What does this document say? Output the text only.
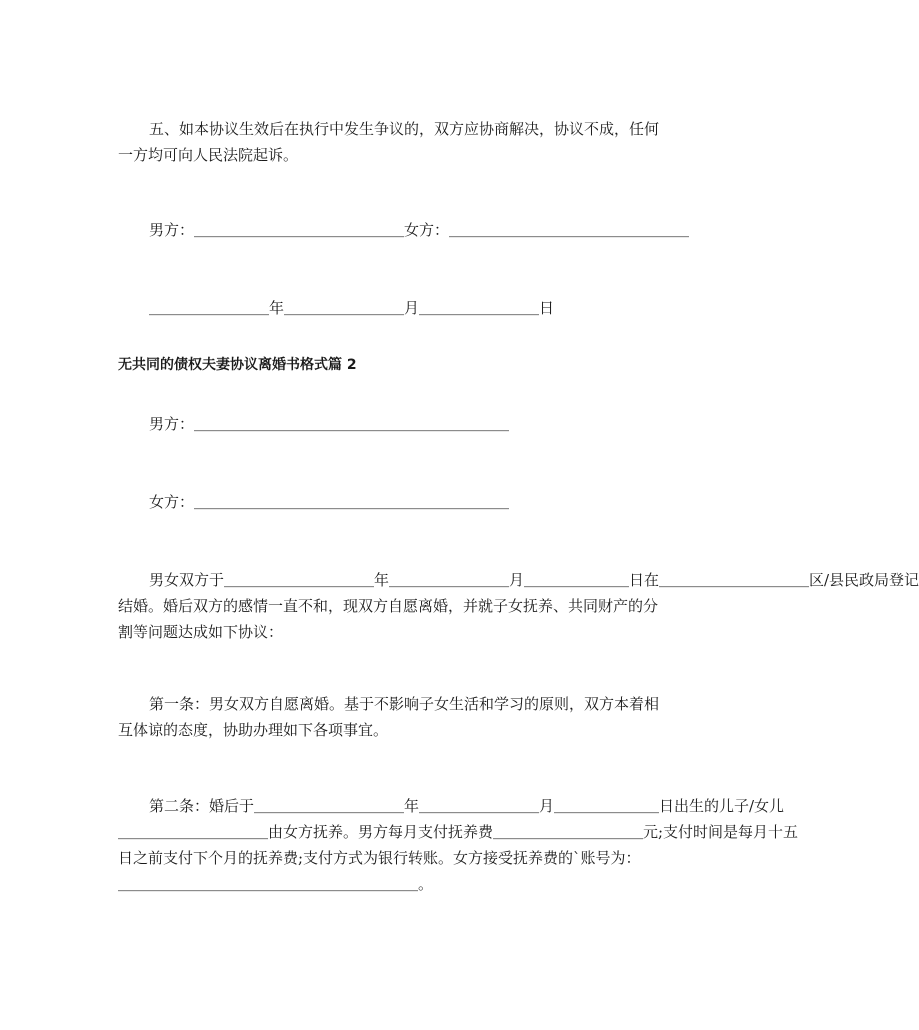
五、如本协议生效后在执行中发生争议的，双方应协商解决，协议不成，任何
一方均可向人民法院起诉。
男方：＿＿＿＿＿＿＿＿＿＿＿＿＿＿女方：＿＿＿＿＿＿＿＿＿＿＿＿＿＿＿＿
＿＿＿＿＿＿＿＿年＿＿＿＿＿＿＿＿月＿＿＿＿＿＿＿＿日
无共同的债权夫妻协议离婚书格式篇 2
男方：＿＿＿＿＿＿＿＿＿＿＿＿＿＿＿＿＿＿＿＿＿
女方：＿＿＿＿＿＿＿＿＿＿＿＿＿＿＿＿＿＿＿＿＿
男女双方于＿＿＿＿＿＿＿＿＿＿年＿＿＿＿＿＿＿＿月＿＿＿＿＿＿＿日在＿＿＿＿＿＿＿＿＿＿区/县民政局登记
结婚。婚后双方的感情一直不和，现双方自愿离婚，并就子女抚养、共同财产的分
割等问题达成如下协议：
第一条：男女双方自愿离婚。基于不影响子女生活和学习的原则，双方本着相
互体谅的态度，协助办理如下各项事宜。
第二条：婚后于＿＿＿＿＿＿＿＿＿＿年＿＿＿＿＿＿＿＿月＿＿＿＿＿＿＿日出生的儿子/女儿
＿＿＿＿＿＿＿＿＿＿由女方抚养。男方每月支付抚养费＿＿＿＿＿＿＿＿＿＿元;支付时间是每月十五
日之前支付下个月的抚养费;支付方式为银行转账。女方接受抚养费的`账号为：
＿＿＿＿＿＿＿＿＿＿＿＿＿＿＿＿＿＿＿＿。
